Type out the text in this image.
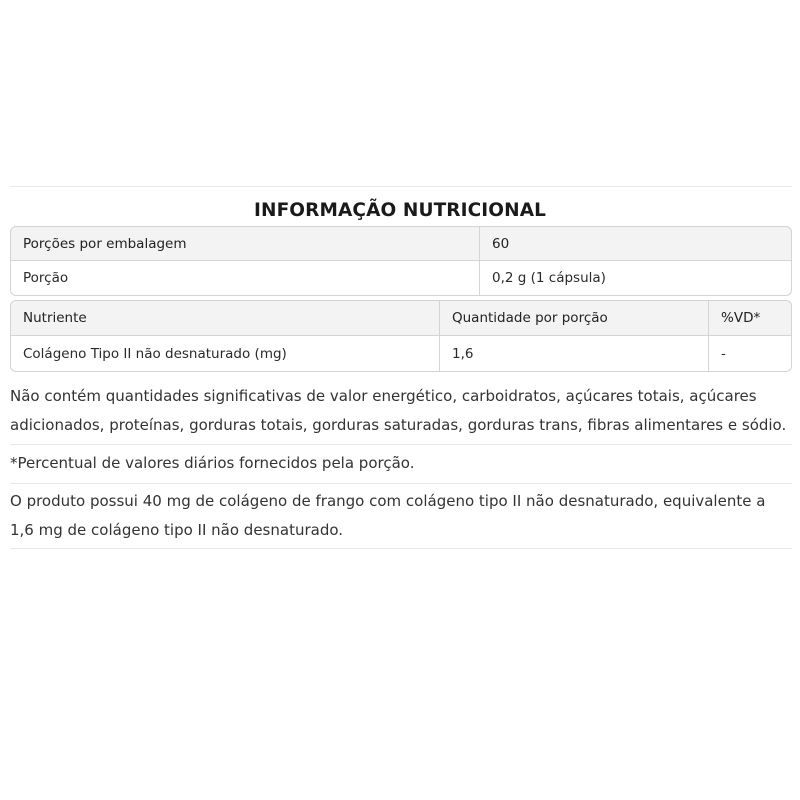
INFORMAÇÃO NUTRICIONAL
Porções por embalagem	60
Porção	0,2 g (1 cápsula)
Nutriente	Quantidade por porção	%VD*
Colágeno Tipo II não desnaturado (mg)	1,6	-
Não contém quantidades significativas de valor energético, carboidratos, açúcares totais, açúcares adicionados, proteínas, gorduras totais, gorduras saturadas, gorduras trans, fibras alimentares e sódio.
*Percentual de valores diários fornecidos pela porção.
O produto possui 40 mg de colágeno de frango com colágeno tipo II não desnaturado, equivalente a 1,6 mg de colágeno tipo II não desnaturado.
